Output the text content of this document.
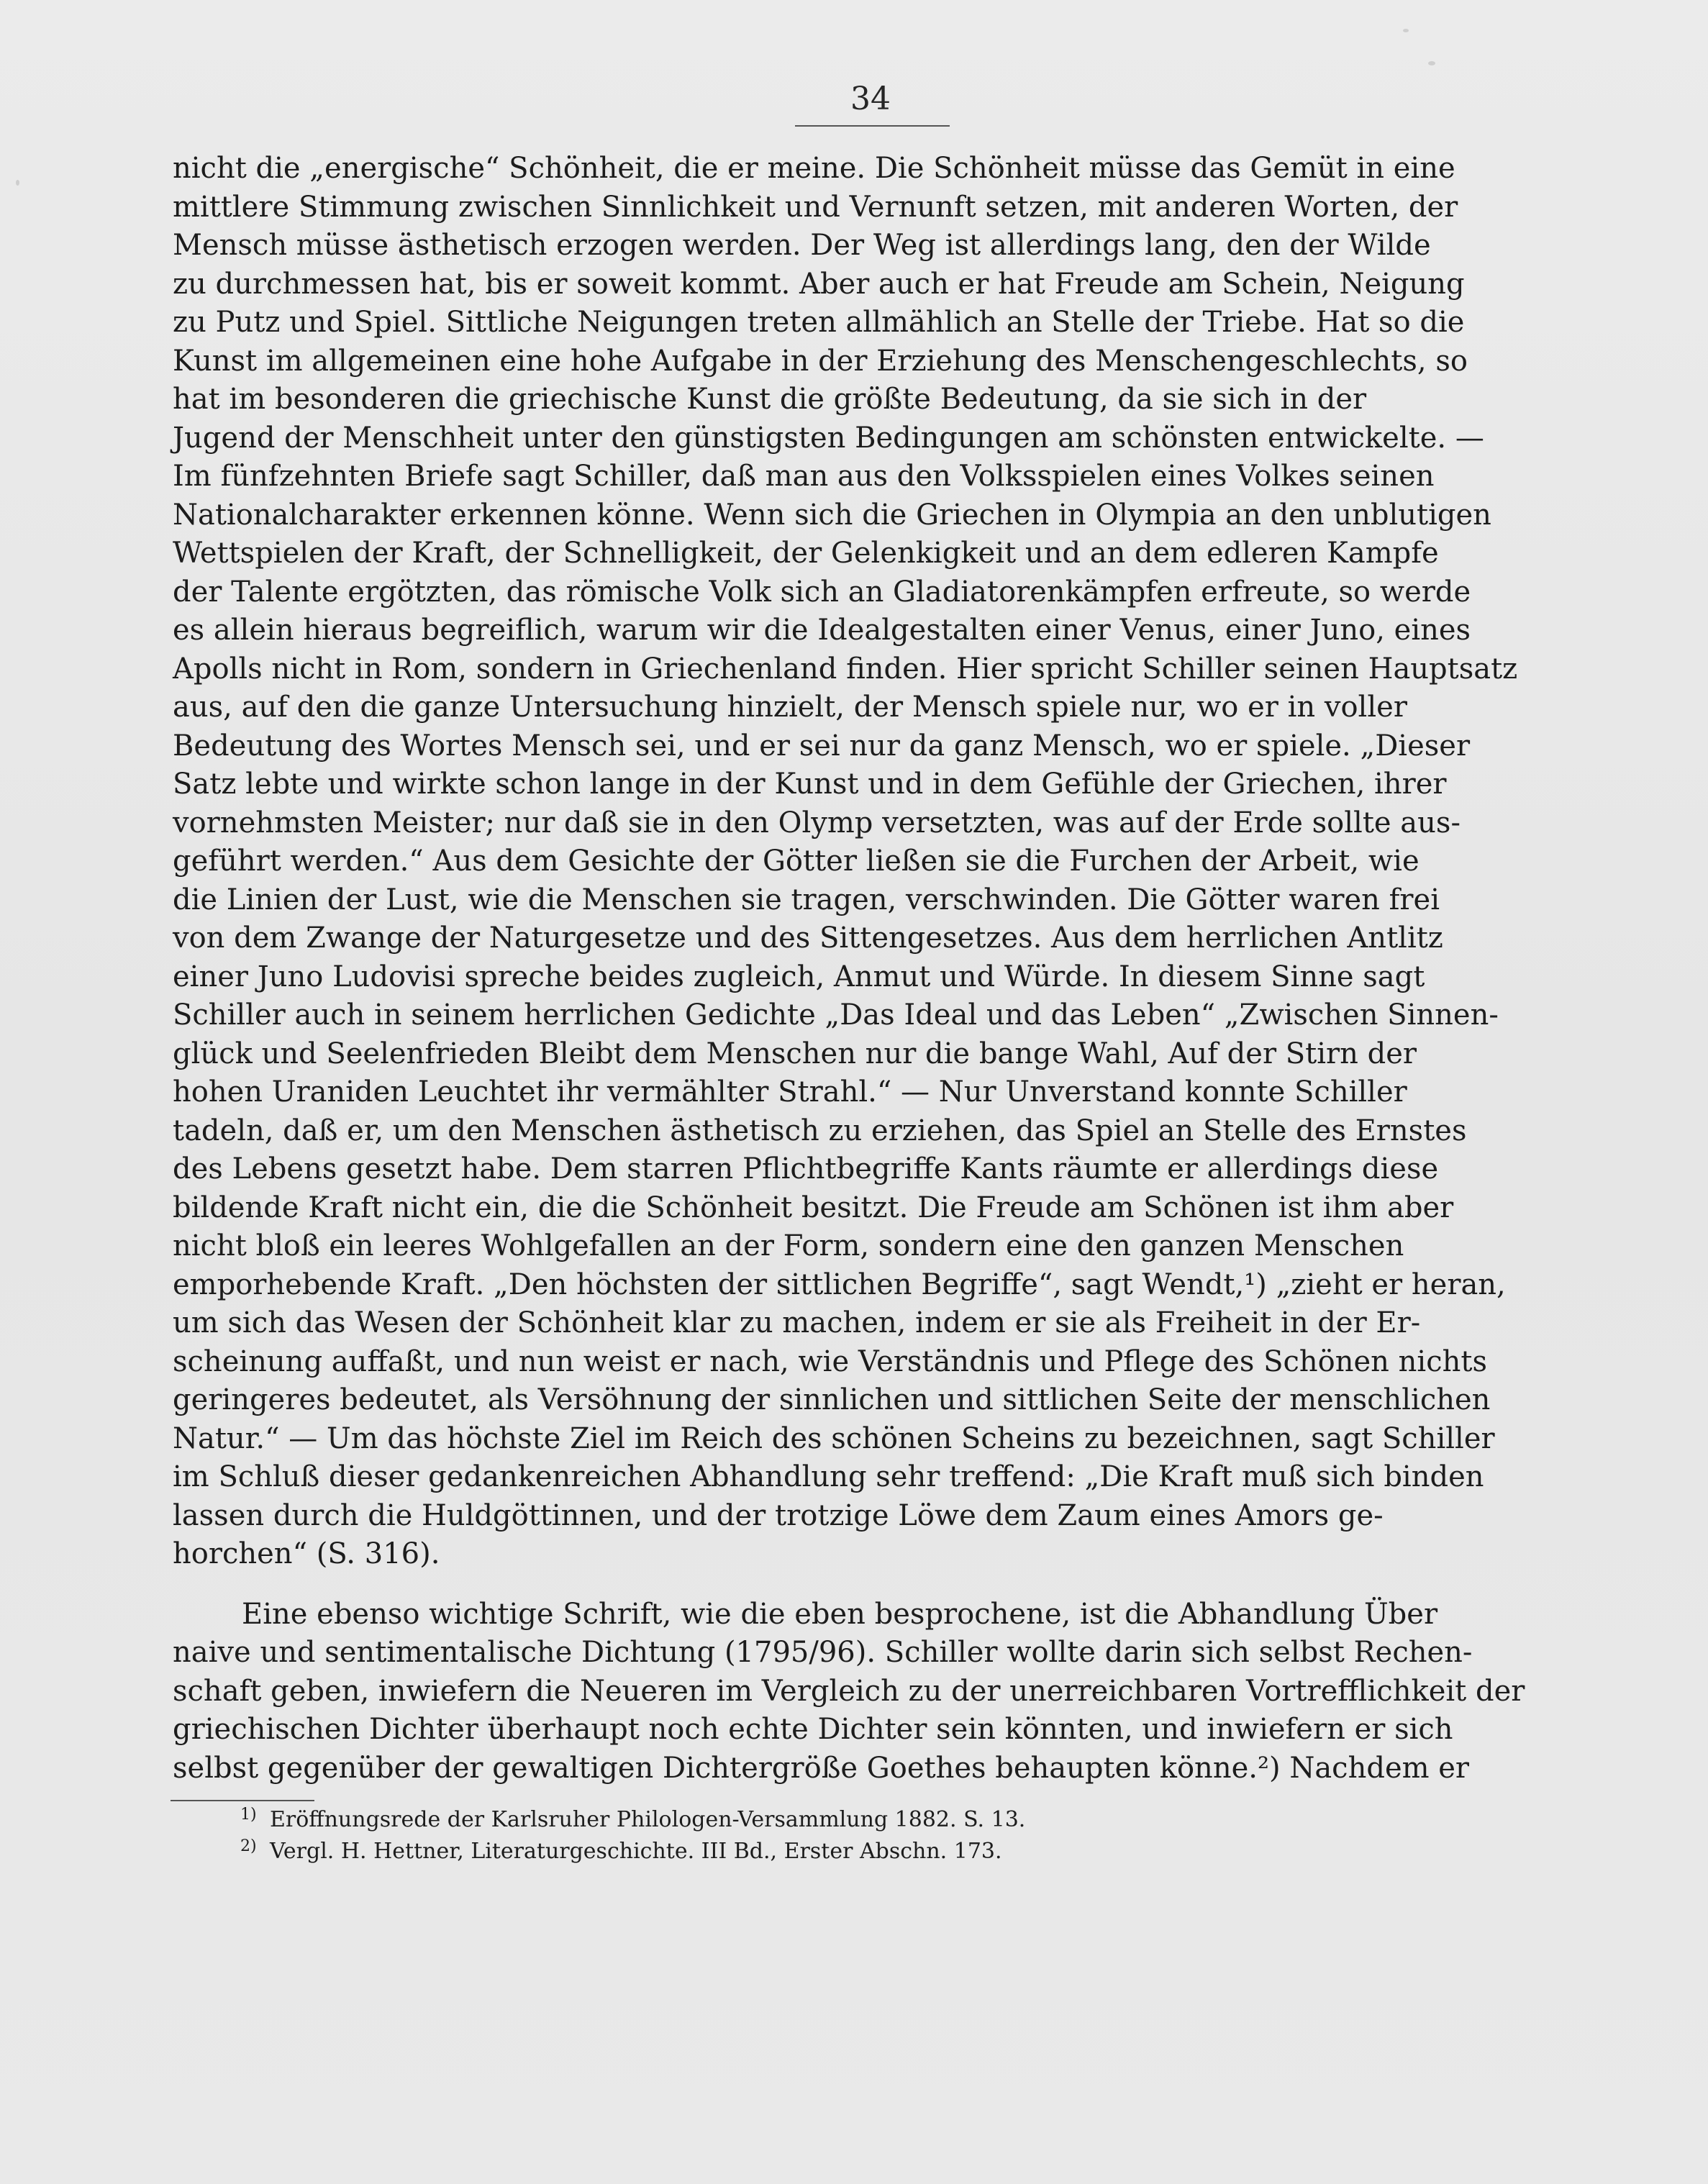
34
nicht die „energische“ Schönheit, die er meine. Die Schönheit müsse das Gemüt in eine
mittlere Stimmung zwischen Sinnlichkeit und Vernunft setzen, mit anderen Worten, der
Mensch müsse ästhetisch erzogen werden. Der Weg ist allerdings lang, den der Wilde
zu durchmessen hat, bis er soweit kommt. Aber auch er hat Freude am Schein, Neigung
zu Putz und Spiel. Sittliche Neigungen treten allmählich an Stelle der Triebe. Hat so die
Kunst im allgemeinen eine hohe Aufgabe in der Erziehung des Menschengeschlechts, so
hat im besonderen die griechische Kunst die größte Bedeutung, da sie sich in der
Jugend der Menschheit unter den günstigsten Bedingungen am schönsten entwickelte. —
Im fünfzehnten Briefe sagt Schiller, daß man aus den Volksspielen eines Volkes seinen
Nationalcharakter erkennen könne. Wenn sich die Griechen in Olympia an den unblutigen
Wettspielen der Kraft, der Schnelligkeit, der Gelenkigkeit und an dem edleren Kampfe
der Talente ergötzten, das römische Volk sich an Gladiatorenkämpfen erfreute, so werde
es allein hieraus begreiflich, warum wir die Idealgestalten einer Venus, einer Juno, eines
Apolls nicht in Rom, sondern in Griechenland finden. Hier spricht Schiller seinen Hauptsatz
aus, auf den die ganze Untersuchung hinzielt, der Mensch spiele nur, wo er in voller
Bedeutung des Wortes Mensch sei, und er sei nur da ganz Mensch, wo er spiele. „Dieser
Satz lebte und wirkte schon lange in der Kunst und in dem Gefühle der Griechen, ihrer
vornehmsten Meister; nur daß sie in den Olymp versetzten, was auf der Erde sollte aus-
geführt werden.“ Aus dem Gesichte der Götter ließen sie die Furchen der Arbeit, wie
die Linien der Lust, wie die Menschen sie tragen, verschwinden. Die Götter waren frei
von dem Zwange der Naturgesetze und des Sittengesetzes. Aus dem herrlichen Antlitz
einer Juno Ludovisi spreche beides zugleich, Anmut und Würde. In diesem Sinne sagt
Schiller auch in seinem herrlichen Gedichte „Das Ideal und das Leben“ „Zwischen Sinnen-
glück und Seelenfrieden Bleibt dem Menschen nur die bange Wahl, Auf der Stirn der
hohen Uraniden Leuchtet ihr vermählter Strahl.“ — Nur Unverstand konnte Schiller
tadeln, daß er, um den Menschen ästhetisch zu erziehen, das Spiel an Stelle des Ernstes
des Lebens gesetzt habe. Dem starren Pflichtbegriffe Kants räumte er allerdings diese
bildende Kraft nicht ein, die die Schönheit besitzt. Die Freude am Schönen ist ihm aber
nicht bloß ein leeres Wohlgefallen an der Form, sondern eine den ganzen Menschen
emporhebende Kraft. „Den höchsten der sittlichen Begriffe“, sagt Wendt,¹) „zieht er heran,
um sich das Wesen der Schönheit klar zu machen, indem er sie als Freiheit in der Er-
scheinung auffaßt, und nun weist er nach, wie Verständnis und Pflege des Schönen nichts
geringeres bedeutet, als Versöhnung der sinnlichen und sittlichen Seite der menschlichen
Natur.“ — Um das höchste Ziel im Reich des schönen Scheins zu bezeichnen, sagt Schiller
im Schluß dieser gedankenreichen Abhandlung sehr treffend: „Die Kraft muß sich binden
lassen durch die Huldgöttinnen, und der trotzige Löwe dem Zaum eines Amors ge-
horchen“ (S. 316).
Eine ebenso wichtige Schrift, wie die eben besprochene, ist die Abhandlung Über
naive und sentimentalische Dichtung (1795/96). Schiller wollte darin sich selbst Rechen-
schaft geben, inwiefern die Neueren im Vergleich zu der unerreichbaren Vortrefflichkeit der
griechischen Dichter überhaupt noch echte Dichter sein könnten, und inwiefern er sich
selbst gegenüber der gewaltigen Dichtergröße Goethes behaupten könne.²) Nachdem er
1) Eröffnungsrede der Karlsruher Philologen-Versammlung 1882. S. 13.
2) Vergl. H. Hettner, Literaturgeschichte. III Bd., Erster Abschn. 173.
